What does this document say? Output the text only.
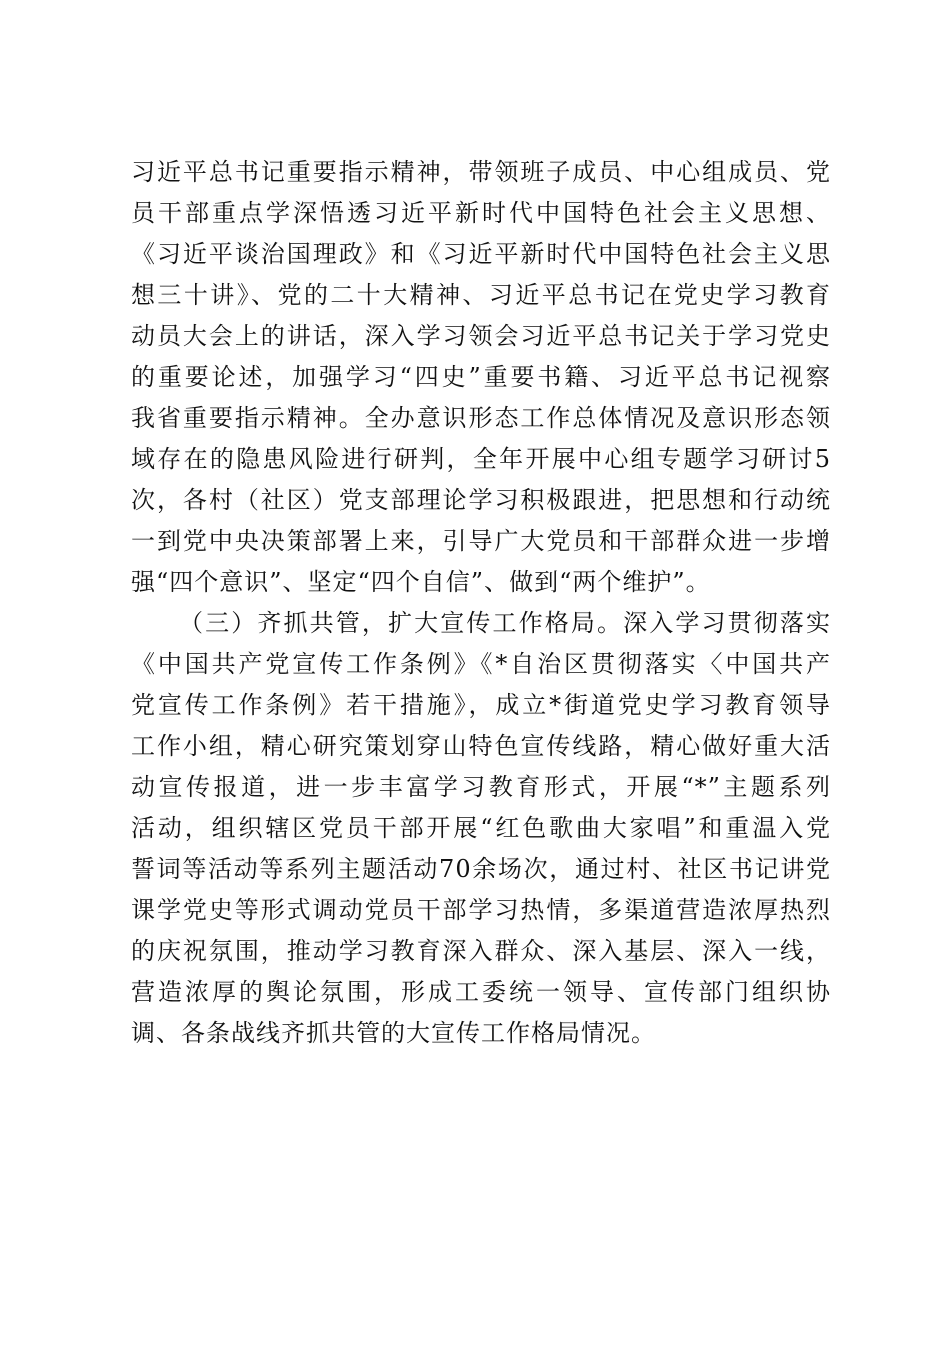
习近平总书记重要指示精神，带领班子成员、中心组成员、党
员干部重点学深悟透习近平新时代中国特色社会主义思想、
《习近平谈治国理政》和《习近平新时代中国特色社会主义思
想三十讲》、党的二十大精神、习近平总书记在党史学习教育
动员大会上的讲话，深入学习领会习近平总书记关于学习党史
的重要论述，加强学习“四史”重要书籍、习近平总书记视察
我省重要指示精神。全办意识形态工作总体情况及意识形态领
域存在的隐患风险进行研判，全年开展中心组专题学习研讨5
次，各村（社区）党支部理论学习积极跟进，把思想和行动统
一到党中央决策部署上来，引导广大党员和干部群众进一步增
强“四个意识”、坚定“四个自信”、做到“两个维护”。
（三）齐抓共管，扩大宣传工作格局。深入学习贯彻落实
《中国共产党宣传工作条例》《*自治区贯彻落实〈中国共产
党宣传工作条例》若干措施》，成立*街道党史学习教育领导
工作小组，精心研究策划穿山特色宣传线路，精心做好重大活
动宣传报道，进一步丰富学习教育形式，开展“*”主题系列
活动，组织辖区党员干部开展“红色歌曲大家唱”和重温入党
誓词等活动等系列主题活动70余场次，通过村、社区书记讲党
课学党史等形式调动党员干部学习热情，多渠道营造浓厚热烈
的庆祝氛围，推动学习教育深入群众、深入基层、深入一线，
营造浓厚的舆论氛围，形成工委统一领导、宣传部门组织协
调、各条战线齐抓共管的大宣传工作格局情况。
